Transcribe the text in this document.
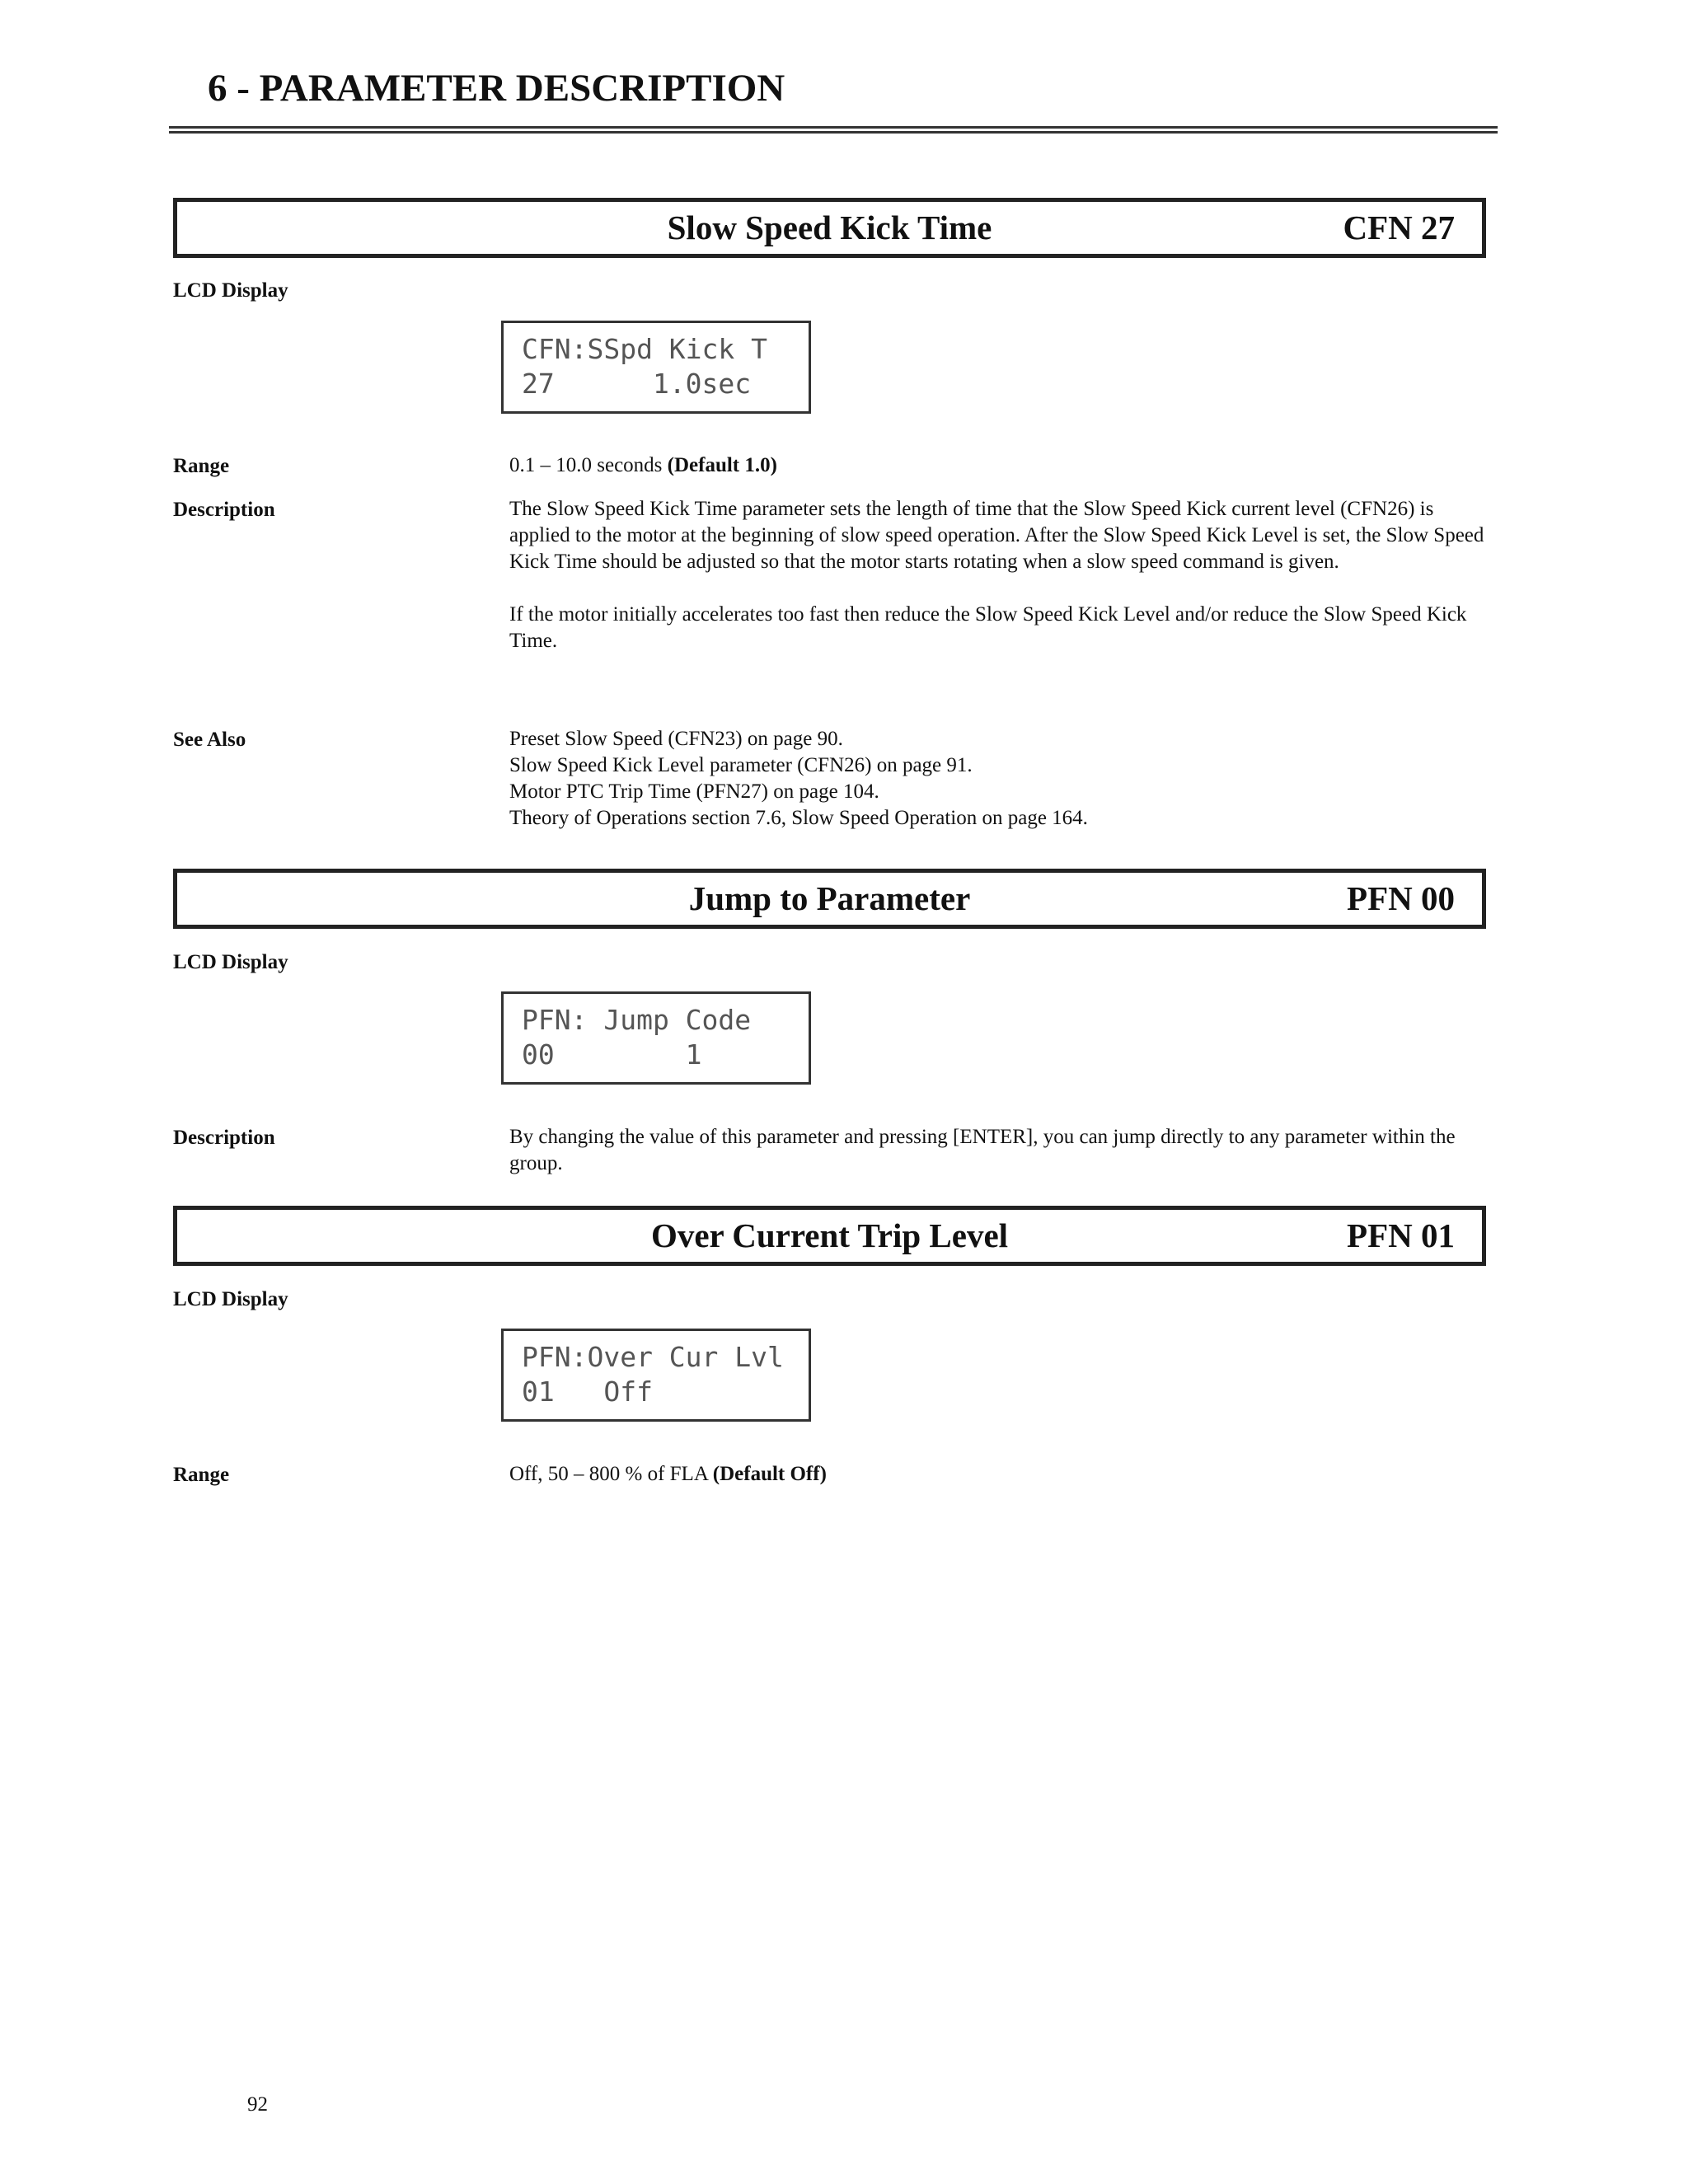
6 - PARAMETER DESCRIPTION
Slow Speed Kick Time	CFN 27
LCD Display
CFN:SSpd Kick T
27      1.0sec
Range	0.1 – 10.0 seconds (Default 1.0)
Description	The Slow Speed Kick Time parameter sets the length of time that the Slow Speed Kick current level (CFN26) is applied to the motor at the beginning of slow speed operation. After the Slow Speed Kick Level is set, the Slow Speed Kick Time should be adjusted so that the motor starts rotating when a slow speed command is given.

If the motor initially accelerates too fast then reduce the Slow Speed Kick Level and/or reduce the Slow Speed Kick Time.

See Also	Preset Slow Speed (CFN23) on page 90.
Slow Speed Kick Level parameter (CFN26) on page 91.
Motor PTC Trip Time (PFN27) on page 104.
Theory of Operations section 7.6, Slow Speed Operation on page 164.
Jump to Parameter	PFN 00
LCD Display
PFN: Jump Code
00        1
Description	By changing the value of this parameter and pressing [ENTER], you can jump directly to any parameter within the group.

Over Current Trip Level	PFN 01
LCD Display
PFN:Over Cur Lvl
01   Off
Range	Off, 50 – 800 % of FLA (Default Off)
92
